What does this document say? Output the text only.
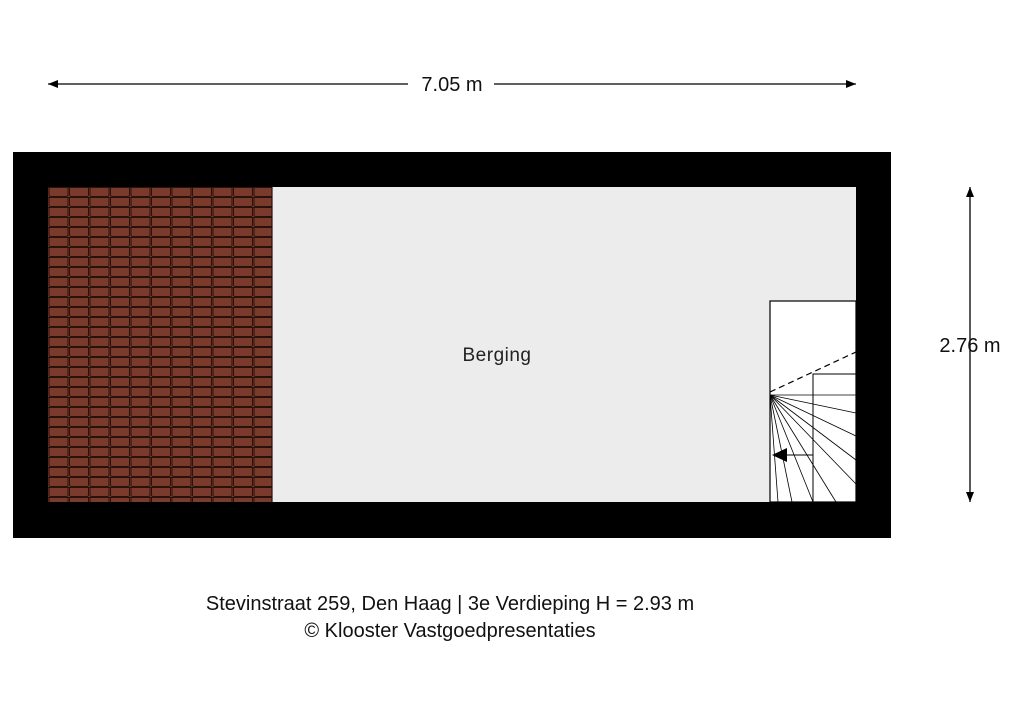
7.05 m
2.76 m
Berging
Stevinstraat 259, Den Haag | 3e Verdieping H = 2.93 m
© Klooster Vastgoedpresentaties
